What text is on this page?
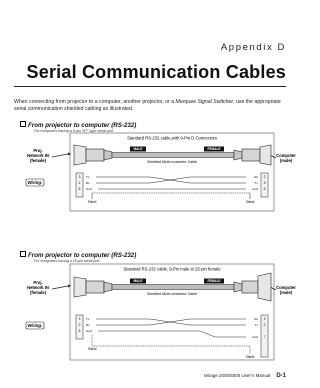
Appendix D
Serial Communication Cables
When connecting from projector to a computer, another projector, or a Marquee Signal Switcher, use the appropriate serial communication shielded cabling as illustrated.
From projector to computer (RS-232)
For computers having a 9-pin “AT” type serial port
Standard RS-232 cable,with 9-Pin D Connectors
Proj.
Network IN
(female)
Computer
(male)
MALE	FEMALE
Shielded Multi-conductor Cable
Wiring:
3
2
5
Tx
Rx
Gnd
2
3
5
Rx
Tx
Gnd
Shield	Shield
Standard RS-232 cable, 9-Pin male to 25-pin female
Proj.
Network IN
(female)
Computer
(male)
MALE	FEMALE
Shielded Multi-conductor Cable
Wiring:
3
2
5
Tx
Rx
Gnd
3
2
7
Rx
Tx
Gnd
Shield
Shield
From projector to computer (RS-232)
For computers having a 25-pin serial port
Mirage 2000/5000 User’s Manual D-1
